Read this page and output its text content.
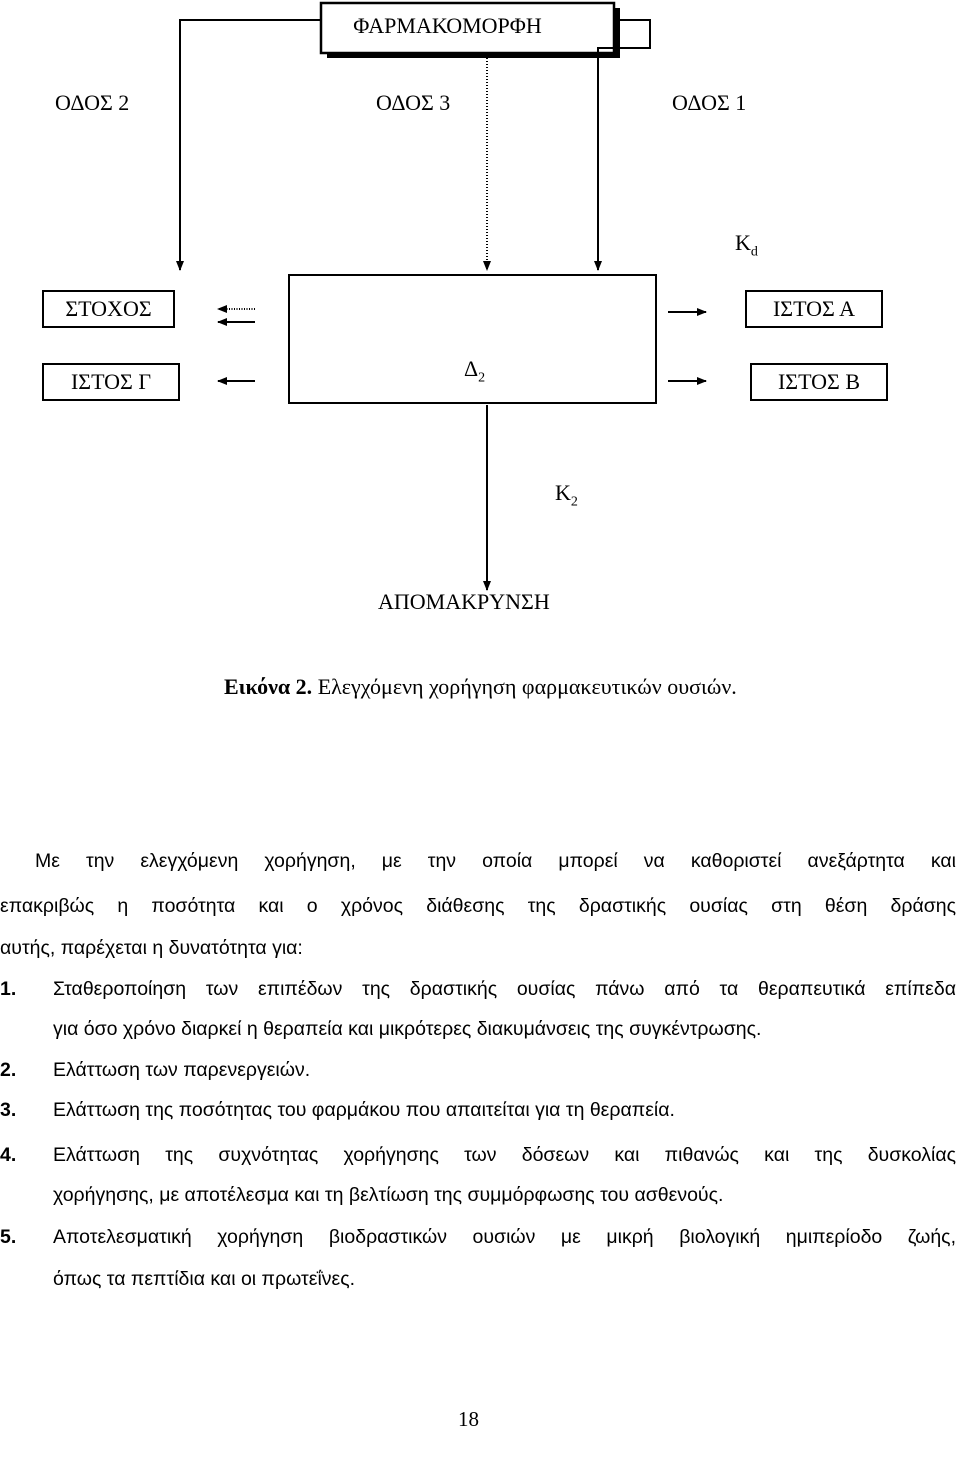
ΦΑΡΜΑΚΟΜΟΡΦΗ
ΟΔΟΣ 2	ΟΔΟΣ 3	ΟΔΟΣ 1
$K_d$
ΣΤΟΧΟΣ
ΙΣΤΟΣ Γ
ΙΣΤΟΣ Α
ΙΣΤΟΣ Β
$\Delta_2$
$K_2$
ΑΠΟΜΑΚΡΥΝΣΗ
Εικόνα 2. Ελεγχόμενη χορήγηση φαρμακευτικών ουσιών.
Με την ελεγχόμενη χορήγηση, με την οποία μπορεί να καθοριστεί ανεξάρτητα και
επακριβώς η ποσότητα και ο χρόνος διάθεσης της δραστικής ουσίας στη θέση δράσης
αυτής, παρέχεται η δυνατότητα για:
1. Σταθεροποίηση των επιπέδων της δραστικής ουσίας πάνω από τα θεραπευτικά επίπεδα
για όσο χρόνο διαρκεί η θεραπεία και μικρότερες διακυμάνσεις της συγκέντρωσης.
2. Ελάττωση των παρενεργειών.
3. Ελάττωση της ποσότητας του φαρμάκου που απαιτείται για τη θεραπεία.
4. Ελάττωση της συχνότητας χορήγησης των δόσεων και πιθανώς και της δυσκολίας
χορήγησης, με αποτέλεσμα και τη βελτίωση της συμμόρφωσης του ασθενούς.
5. Αποτελεσματική χορήγηση βιοδραστικών ουσιών με μικρή βιολογική ημιπερίοδο ζωής,
όπως τα πεπτίδια και οι πρωτεΐνες.
18
